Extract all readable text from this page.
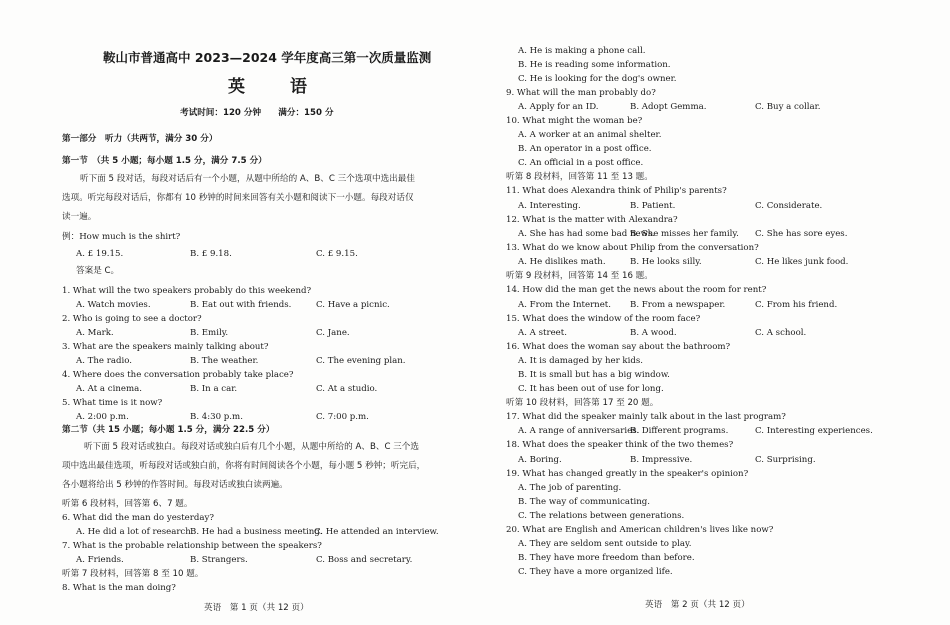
鞍山市普通高中 2023—2024 学年度高三第一次质量监测
英　语
考试时间：120 分钟　　满分：150 分
第一部分　听力（共两节，满分 30 分）
第一节　（共 5 小题；每小题 1.5 分，满分 7.5 分）
听下面 5 段对话，每段对话后有一个小题，从题中所给的 A、B、C 三个选项中选出最佳
选项。听完每段对话后，你都有 10 秒钟的时间来回答有关小题和阅读下一小题。每段对话仅
读一遍。
例：How much is the shirt?
A. £ 19.15.	B. £ 9.18.	C. £ 9.15.
答案是 C。
1. What will the two speakers probably do this weekend?
A. Watch movies.	B. Eat out with friends.	C. Have a picnic.
2. Who is going to see a doctor?
A. Mark.	B. Emily.	C. Jane.
3. What are the speakers mainly talking about?
A. The radio.	B. The weather.	C. The evening plan.
4. Where does the conversation probably take place?
A. At a cinema.	B. In a car.	C. At a studio.
5. What time is it now?
A. 2:00 p.m.	B. 4:30 p.m.	C. 7:00 p.m.
第二节（共 15 小题；每小题 1.5 分，满分 22.5 分）
听下面 5 段对话或独白。每段对话或独白后有几个小题，从题中所给的 A、B、C 三个选
项中选出最佳选项，听每段对话或独白前，你将有时间阅读各个小题，每小题 5 秒钟；听完后，
各小题将给出 5 秒钟的作答时间。每段对话或独白读两遍。
听第 6 段材料，回答第 6、7 题。
6. What did the man do yesterday?
A. He did a lot of research.
B. He had a business meeting.
C. He attended an interview.
7. What is the probable relationship between the speakers?
A. Friends.	B. Strangers.	C. Boss and secretary.
听第 7 段材料，回答第 8 至 10 题。
8. What is the man doing?
英语　第 1 页（共 12 页）
A. He is making a phone call.
B. He is reading some information.
C. He is looking for the dog's owner.
9. What will the man probably do?
A. Apply for an ID.	B. Adopt Gemma.	C. Buy a collar.
10. What might the woman be?
A. A worker at an animal shelter.
B. An operator in a post office.
C. An official in a post office.
听第 8 段材料，回答第 11 至 13 题。
11. What does Alexandra think of Philip's parents?
A. Interesting.	B. Patient.	C. Considerate.
12. What is the matter with Alexandra?
A. She has had some bad news.
B. She misses her family. C. She has sore eyes.
13. What do we know about Philip from the conversation?
A. He dislikes math.	B. He looks silly.	C. He likes junk food.
听第 9 段材料，回答第 14 至 16 题。
14. How did the man get the news about the room for rent?
A. From the Internet. B. From a newspaper.	C. From his friend.
15. What does the window of the room face?
A. A street.	B. A wood.	C. A school.
16. What does the woman say about the bathroom?
A. It is damaged by her kids.
B. It is small but has a big window.
C. It has been out of use for long.
听第 10 段材料，回答第 17 至 20 题。
17. What did the speaker mainly talk about in the last program?
A. A range of anniversaries.
B. Different programs.	C. Interesting experiences.
18. What does the speaker think of the two themes?
A. Boring.	B. Impressive.	C. Surprising.
19. What has changed greatly in the speaker's opinion?
A. The job of parenting.
B. The way of communicating.
C. The relations between generations.
20. What are English and American children's lives like now?
A. They are seldom sent outside to play.
B. They have more freedom than before.
C. They have a more organized life.
英语　第 2 页（共 12 页）
